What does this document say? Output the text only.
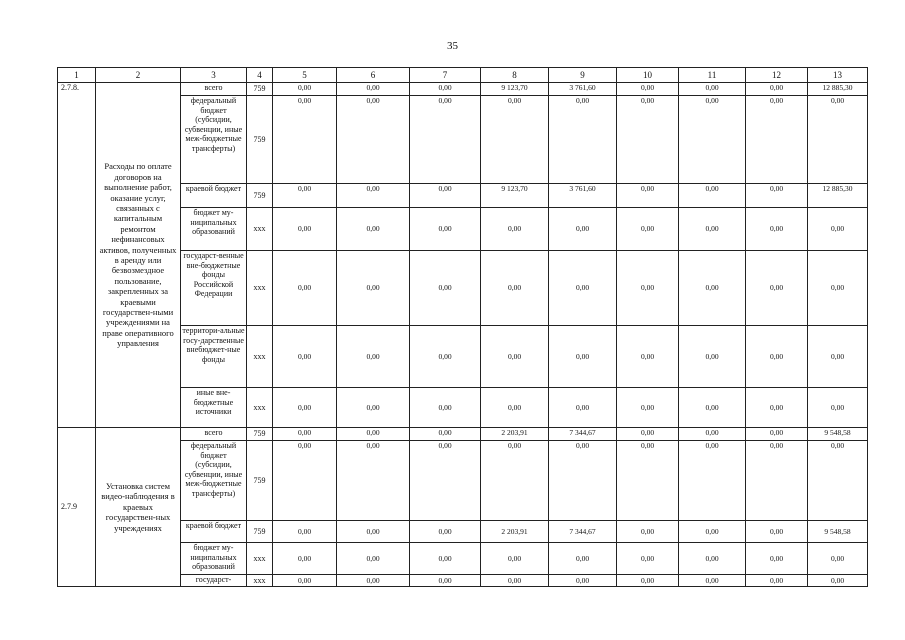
35
1	2	3	4	5	6	7	8	9	10	11	12	13
2.7.8.	Расходы по оплате договоров на выполнение работ, оказание услуг, связанных с капитальным ремонтом нефинансовых активов, полученных в аренду или безвозмездное пользование, закрепленных за краевыми государствен-ными учреждениями на праве оперативного управления	всего	759	0,00	0,00	0,00	9 123,70	3 761,60	0,00	0,00	0,00	12 885,30
		федеральный бюджет (субсидии, субвенции, иные меж-бюджетные трансферты)	759	0,00	0,00	0,00	0,00	0,00	0,00	0,00	0,00	0,00
		краевой бюджет	759	0,00	0,00	0,00	9 123,70	3 761,60	0,00	0,00	0,00	12 885,30
		бюджет му-ниципальных образований	xxx	0,00	0,00	0,00	0,00	0,00	0,00	0,00	0,00	0,00
		государст-венные вне-бюджетные фонды Российской Федерации	xxx	0,00	0,00	0,00	0,00	0,00	0,00	0,00	0,00	0,00
		территори-альные госу-дарственные внебюджет-ные фонды	xxx	0,00	0,00	0,00	0,00	0,00	0,00	0,00	0,00	0,00
		иные вне-бюджетные источники	xxx	0,00	0,00	0,00	0,00	0,00	0,00	0,00	0,00	0,00
2.7.9	Установка систем видео-наблюдения в краевых государствен-ных учреждениях	всего	759	0,00	0,00	0,00	2 203,91	7 344,67	0,00	0,00	0,00	9 548,58
		федеральный бюджет (субсидии, субвенции, иные меж-бюджетные трансферты)	759	0,00	0,00	0,00	0,00	0,00	0,00	0,00	0,00	0,00
		краевой бюджет	759	0,00	0,00	0,00	2 203,91	7 344,67	0,00	0,00	0,00	9 548,58
		бюджет му-ниципальных образований	xxx	0,00	0,00	0,00	0,00	0,00	0,00	0,00	0,00	0,00
		государст-	xxx	0,00	0,00	0,00	0,00	0,00	0,00	0,00	0,00	0,00
